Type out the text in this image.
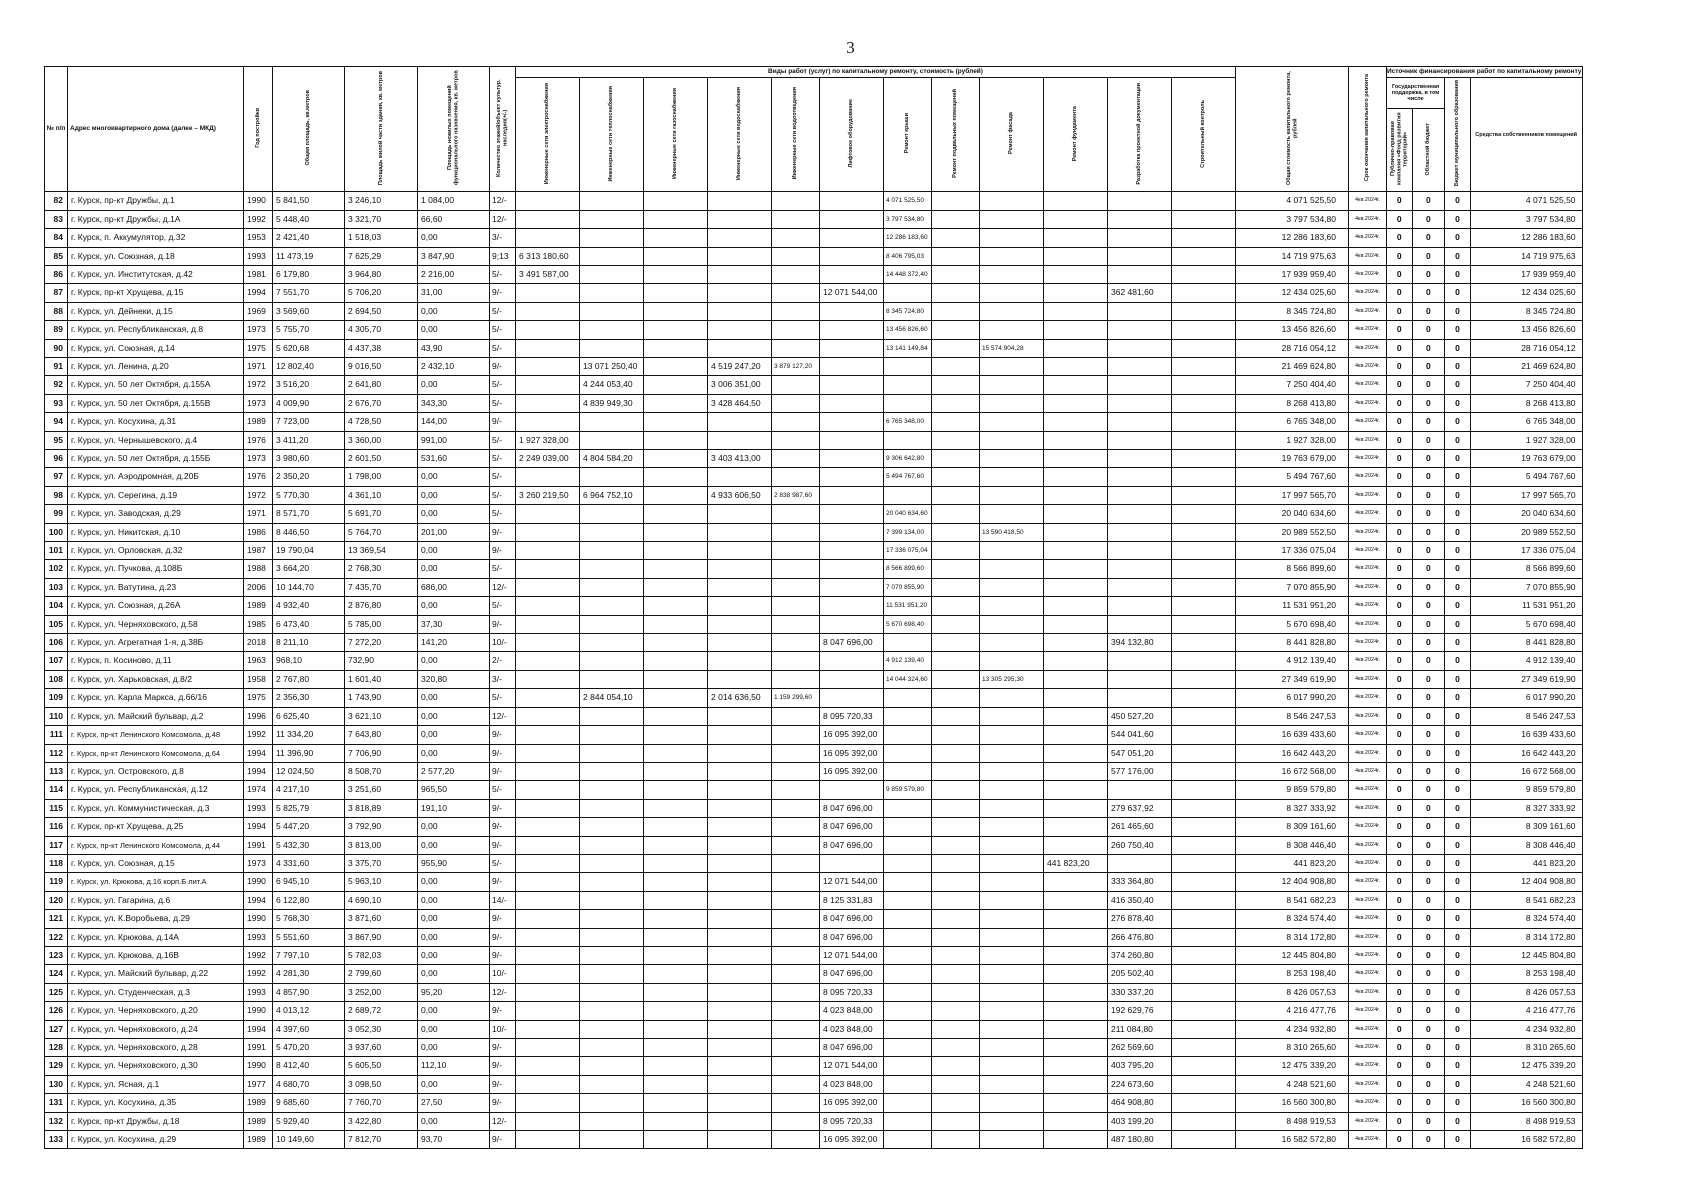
3
№ п/п	Адрес многоквартирного дома (далее – МКД)	Год постройки	Общая площадь, кв.метров	Площадь жилой части здания, кв. метров	Площадь нежилых помещений функционального назначения, кв. метров	Количество этажей/объект культур. наследия(+/-)	Виды работ (услуг) по капитальному ремонту, стоимость (рублей)												Общая стоимость капитального ремонта, рублей	Срок окончания капитального ремонта	Источник финансирования работ по капитальному ремонту			
							Инженерные сети электроснабжения	Инженерные сети теплоснабжения	Инженерные сети газоснабжения	Инженерные сети водоснабжения	Инженерные сети водоотведения	Лифтовое оборудование	Ремонт крыши	Ремонт подвальных помещений	Ремонт фасада	Ремонт фундамента	Разработка проектной документации	Строительный контроль			Государственная поддержка, в том числе		Бюджет муниципального образования	Средства собственников помещений
																					Публично-правовая компания «Фонд развития территорий»	Областной бюджет		
82	г. Курск, пр-кт Дружбы, д.1	1990	5 841,50	3 246,10	1 084,00	12/-							4 071 525,50						4 071 525,50	4кв.2024г.	0	0	0	4 071 525,50
83	г. Курск, пр-кт Дружбы, д.1А	1992	5 448,40	3 321,70	66,60	12/-							3 797 534,80						3 797 534,80	4кв.2024г.	0	0	0	3 797 534,80
84	г. Курск, п. Аккумулятор, д.32	1953	2 421,40	1 518,03	0,00	3/-							12 286 183,60						12 286 183,60	4кв.2024г.	0	0	0	12 286 183,60
85	г. Курск, ул. Союзная, д.18	1993	11 473,19	7 625,29	3 847,90	9;13	6 313 180,60						8 406 795,03						14 719 975,63	4кв.2024г.	0	0	0	14 719 975,63
86	г. Курск, ул. Институтская, д.42	1981	6 179,80	3 964,80	2 216,00	5/-	3 491 587,00						14 448 372,40						17 939 959,40	4кв.2024г.	0	0	0	17 939 959,40
87	г. Курск, пр-кт Хрущева, д.15	1994	7 551,70	5 706,20	31,00	9/-						12 071 544,00					362 481,60		12 434 025,60	4кв.2024г.	0	0	0	12 434 025,60
88	г. Курск, ул. Дейнеки, д.15	1969	3 569,60	2 694,50	0,00	5/-							8 345 724,80						8 345 724,80	4кв.2024г.	0	0	0	8 345 724,80
89	г. Курск, ул. Республиканская, д.8	1973	5 755,70	4 305,70	0,00	5/-							13 456 826,60						13 456 826,60	4кв.2024г.	0	0	0	13 456 826,60
90	г. Курск, ул. Союзная, д.14	1975	5 620,68	4 437,38	43,90	5/-							13 141 149,84		15 574 904,28				28 716 054,12	4кв.2024г.	0	0	0	28 716 054,12
91	г. Курск, ул. Ленина, д.20	1971	12 802,40	9 016,50	2 432,10	9/-		13 071 250,40		4 519 247,20	3 879 127,20								21 469 624,80	4кв.2024г.	0	0	0	21 469 624,80
92	г. Курск, ул. 50 лет Октября, д.155А	1972	3 516,20	2 641,80	0,00	5/-		4 244 053,40		3 006 351,00									7 250 404,40	4кв.2024г.	0	0	0	7 250 404,40
93	г. Курск, ул. 50 лет Октября, д.155В	1973	4 009,90	2 676,70	343,30	5/-		4 839 949,30		3 428 464,50									8 268 413,80	4кв.2024г.	0	0	0	8 268 413,80
94	г. Курск, ул. Косухина, д.31	1989	7 723,00	4 728,50	144,00	9/-							6 765 348,00						6 765 348,00	4кв.2024г.	0	0	0	6 765 348,00
95	г. Курск, ул. Чернышевского, д.4	1976	3 411,20	3 360,00	991,00	5/-	1 927 328,00												1 927 328,00	4кв.2024г.	0	0	0	1 927 328,00
96	г. Курск, ул. 50 лет Октября, д.155Б	1973	3 980,60	2 601,50	531,60	5/-	2 249 039,00	4 804 584,20		3 403 413,00			9 306 642,80						19 763 679,00	4кв.2024г.	0	0	0	19 763 679,00
97	г. Курск, ул. Аэродромная, д.20Б	1976	2 350,20	1 798,00	0,00	5/-							5 494 767,60						5 494 767,60	4кв.2024г.	0	0	0	5 494 767,60
98	г. Курск, ул. Серегина, д.19	1972	5 770,30	4 361,10	0,00	5/-	3 260 219,50	6 964 752,10		4 933 606,50	2 838 987,60								17 997 565,70	4кв.2024г.	0	0	0	17 997 565,70
99	г. Курск, ул. Заводская, д.29	1971	8 571,70	5 691,70	0,00	5/-							20 040 634,60						20 040 634,60	4кв.2024г.	0	0	0	20 040 634,60
100	г. Курск, ул. Никитская, д.10	1986	8 446,50	5 764,70	201,00	9/-							7 399 134,00		13 590 418,50				20 989 552,50	4кв.2024г.	0	0	0	20 989 552,50
101	г. Курск, ул. Орловская, д.32	1987	19 790,04	13 369,54	0,00	9/-							17 336 075,04						17 336 075,04	4кв.2024г.	0	0	0	17 336 075,04
102	г. Курск, ул. Пучкова, д.108Б	1988	3 664,20	2 768,30	0,00	5/-							8 566 899,60						8 566 899,60	4кв.2024г.	0	0	0	8 566 899,60
103	г. Курск, ул. Ватутина, д.23	2006	10 144,70	7 435,70	686,00	12/-							7 070 855,90						7 070 855,90	4кв.2024г.	0	0	0	7 070 855,90
104	г. Курск, ул. Союзная, д.26А	1989	4 932,40	2 876,80	0,00	5/-							11 531 951,20						11 531 951,20	4кв.2024г.	0	0	0	11 531 951,20
105	г. Курск, ул. Черняховского, д.58	1985	6 473,40	5 785,00	37,30	9/-							5 670 698,40						5 670 698,40	4кв.2024г.	0	0	0	5 670 698,40
106	г. Курск, ул. Агрегатная 1-я, д.38Б	2018	8 211,10	7 272,20	141,20	10/-						8 047 696,00					394 132,80		8 441 828,80	4кв.2024г.	0	0	0	8 441 828,80
107	г. Курск, п. Косиново, д.11	1963	968,10	732,90	0,00	2/-							4 912 139,40						4 912 139,40	4кв.2024г.	0	0	0	4 912 139,40
108	г. Курск, ул. Харьковская, д.8/2	1958	2 767,80	1 601,40	320,80	3/-							14 044 324,60		13 305 295,30				27 349 619,90	4кв.2024г.	0	0	0	27 349 619,90
109	г. Курск, ул. Карла Маркса, д.66/16	1975	2 356,30	1 743,90	0,00	5/-		2 844 054,10		2 014 636,50	1 159 299,60								6 017 990,20	4кв.2024г.	0	0	0	6 017 990,20
110	г. Курск, ул. Майский бульвар, д.2	1996	6 625,40	3 621,10	0,00	12/-						8 095 720,33					450 527,20		8 546 247,53	4кв.2024г.	0	0	0	8 546 247,53
111	г. Курск, пр-кт Ленинского Комсомола, д.48	1992	11 334,20	7 643,80	0,00	9/-						16 095 392,00					544 041,60		16 639 433,60	4кв.2024г.	0	0	0	16 639 433,60
112	г. Курск, пр-кт Ленинского Комсомола, д.64	1994	11 396,90	7 706,90	0,00	9/-						16 095 392,00					547 051,20		16 642 443,20	4кв.2024г.	0	0	0	16 642 443,20
113	г. Курск, ул. Островского, д.8	1994	12 024,50	8 508,70	2 577,20	9/-						16 095 392,00					577 176,00		16 672 568,00	4кв.2024г.	0	0	0	16 672 568,00
114	г. Курск, ул. Республиканская, д.12	1974	4 217,10	3 251,60	965,50	5/-							9 859 579,80						9 859 579,80	4кв.2024г.	0	0	0	9 859 579,80
115	г. Курск, ул. Коммунистическая, д.3	1993	5 825,79	3 818,89	191,10	9/-						8 047 696,00					279 637,92		8 327 333,92	4кв.2024г.	0	0	0	8 327 333,92
116	г. Курск, пр-кт Хрущева, д.25	1994	5 447,20	3 792,90	0,00	9/-						8 047 696,00					261 465,60		8 309 161,60	4кв.2024г.	0	0	0	8 309 161,60
117	г. Курск, пр-кт Ленинского Комсомола, д.44	1991	5 432,30	3 813,00	0,00	9/-						8 047 696,00					260 750,40		8 308 446,40	4кв.2024г.	0	0	0	8 308 446,40
118	г. Курск, ул. Союзная, д.15	1973	4 331,60	3 375,70	955,90	5/-										441 823,20			441 823,20	4кв.2024г.	0	0	0	441 823,20
119	г. Курск, ул. Крюкова, д.16 корп.Б лит.А	1990	6 945,10	5 963,10	0,00	9/-						12 071 544,00					333 364,80		12 404 908,80	4кв.2024г.	0	0	0	12 404 908,80
120	г. Курск, ул. Гагарина, д.6	1994	6 122,80	4 690,10	0,00	14/-						8 125 331,83					416 350,40		8 541 682,23	4кв.2024г.	0	0	0	8 541 682,23
121	г. Курск, ул. К.Воробьева, д.29	1990	5 768,30	3 871,60	0,00	9/-						8 047 696,00					276 878,40		8 324 574,40	4кв.2024г.	0	0	0	8 324 574,40
122	г. Курск, ул. Крюкова, д.14А	1993	5 551,60	3 867,90	0,00	9/-						8 047 696,00					266 476,80		8 314 172,80	4кв.2024г.	0	0	0	8 314 172,80
123	г. Курск, ул. Крюкова, д.16В	1992	7 797,10	5 782,03	0,00	9/-						12 071 544,00					374 260,80		12 445 804,80	4кв.2024г.	0	0	0	12 445 804,80
124	г. Курск, ул. Майский бульвар, д.22	1992	4 281,30	2 799,60	0,00	10/-						8 047 696,00					205 502,40		8 253 198,40	4кв.2024г.	0	0	0	8 253 198,40
125	г. Курск, ул. Студенческая, д.3	1993	4 857,90	3 252,00	95,20	12/-						8 095 720,33					330 337,20		8 426 057,53	4кв.2024г.	0	0	0	8 426 057,53
126	г. Курск, ул. Черняховского, д.20	1990	4 013,12	2 689,72	0,00	9/-						4 023 848,00					192 629,76		4 216 477,76	4кв.2024г.	0	0	0	4 216 477,76
127	г. Курск, ул. Черняховского, д.24	1994	4 397,60	3 052,30	0,00	10/-						4 023 848,00					211 084,80		4 234 932,80	4кв.2024г.	0	0	0	4 234 932,80
128	г. Курск, ул. Черняховского, д.28	1991	5 470,20	3 937,60	0,00	9/-						8 047 696,00					262 569,60		8 310 265,60	4кв.2024г.	0	0	0	8 310 265,60
129	г. Курск, ул. Черняховского, д.30	1990	8 412,40	5 605,50	112,10	9/-						12 071 544,00					403 795,20		12 475 339,20	4кв.2024г.	0	0	0	12 475 339,20
130	г. Курск, ул. Ясная, д.1	1977	4 680,70	3 098,50	0,00	9/-						4 023 848,00					224 673,60		4 248 521,60	4кв.2024г.	0	0	0	4 248 521,60
131	г. Курск, ул. Косухина, д.35	1989	9 685,60	7 760,70	27,50	9/-						16 095 392,00					464 908,80		16 560 300,80	4кв.2024г.	0	0	0	16 560 300,80
132	г. Курск, пр-кт Дружбы, д.18	1989	5 929,40	3 422,80	0,00	12/-						8 095 720,33					403 199,20		8 498 919,53	4кв.2024г.	0	0	0	8 498 919,53
133	г. Курск, ул. Косухина, д.29	1989	10 149,60	7 812,70	93,70	9/-						16 095 392,00					487 180,80		16 582 572,80	4кв.2024г.	0	0	0	16 582 572,80
